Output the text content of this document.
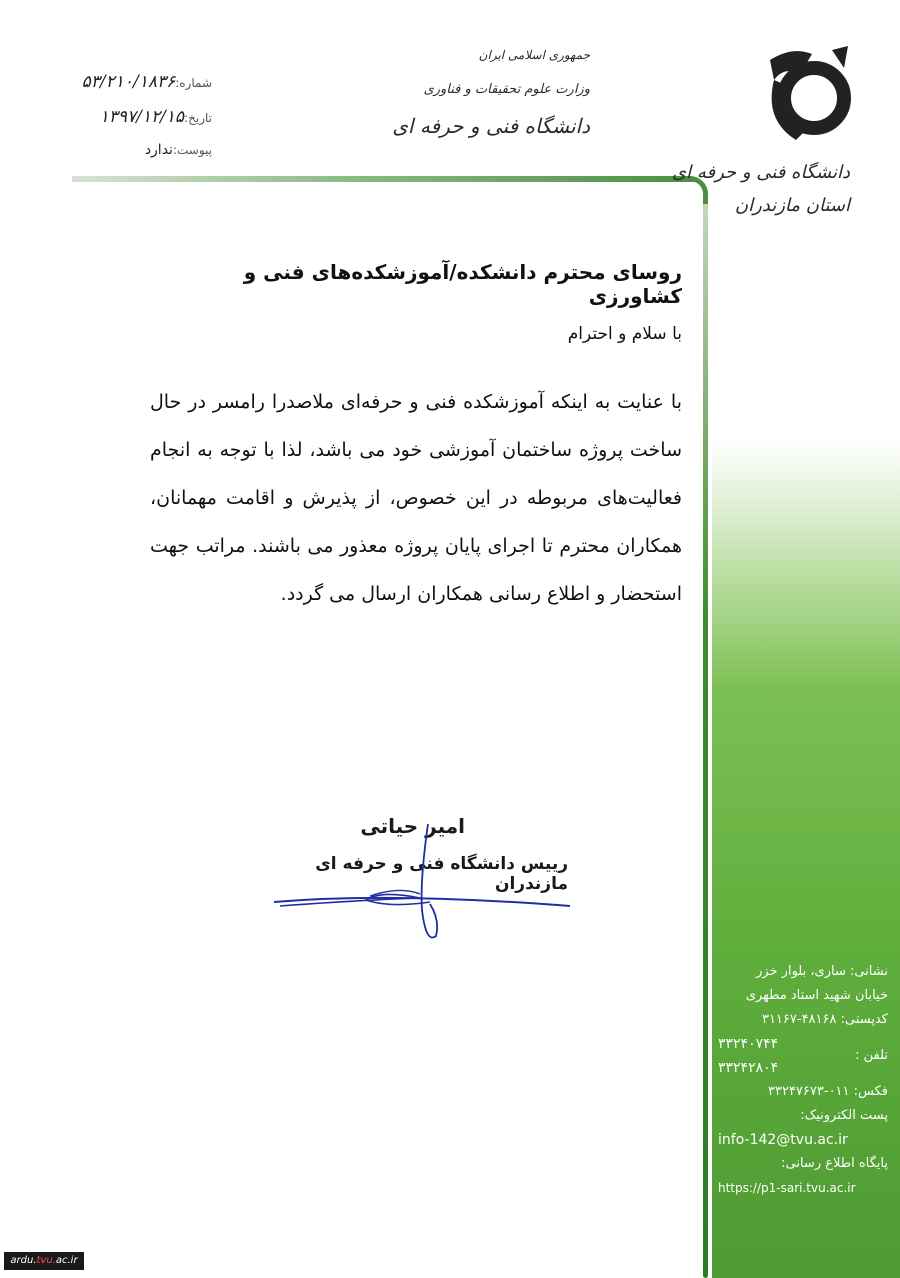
دانشگاه فنی و حرفه ای
استان مازندران
جمهوری اسلامی ایران
وزارت علوم تحقیقات و فناوری
دانشگاه فنی و حرفه ای
شماره:۵۳/۲۱۰/۱۸۳۶
تاریخ:۱۳۹۷/۱۲/۱۵
پیوست:ندارد
روسای محترم دانشکده/آموزشکده‌های فنی و کشاورزی
با سلام و احترام
با عنایت به اینکه آموزشکده فنی و حرفه‌ای ملاصدرا رامسر در حال ساخت پروژه ساختمان آموزشی خود می باشد، لذا با توجه به انجام فعالیت‌های مربوطه در این خصوص، از پذیرش و اقامت مهمانان، همکاران محترم تا اجرای پایان پروژه معذور می باشند. مراتب جهت استحضار و اطلاع رسانی همکاران ارسال می گردد.
امیر حیاتی
رییس دانشگاه فنی و حرفه ای مازندران
نشانی: ساری، بلوار خزر
خیابان شهید استاد مطهری
کدپستی: ۴۸۱۶۸-۳۱۱۶۷
تلفن :
۳۳۲۴۰۷۴۴
۳۳۲۴۲۸۰۴
فکس: ۰۱۱-۳۳۲۴۷۶۷۳
پست الکترونیک:
info-142@tvu.ac.ir
پایگاه اطلاع رسانی:
https://p1-sari.tvu.ac.ir
ardu.tvu.ac.ir
